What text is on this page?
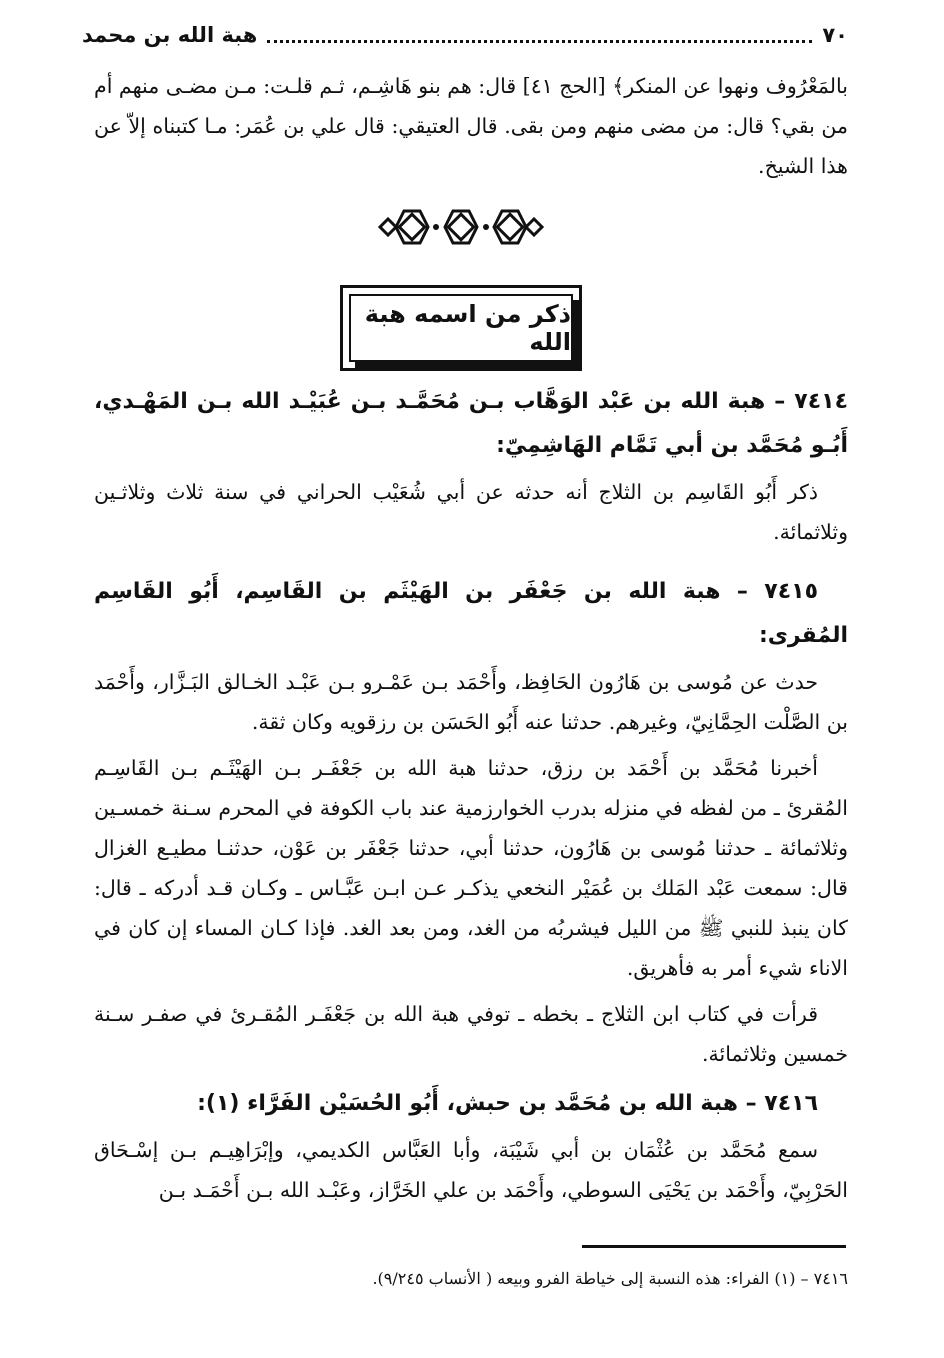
٧٠
هبة الله بن محمد

بالمَعْرُوف ونهوا عن المنكر﴾ [الحج ٤١] قال: هم بنو هَاشِـم، ثـم قلـت: مـن مضـى منهم أم من بقي؟ قال: من مضى منهم ومن بقى. قال العتيقي: قال علي بن عُمَر: مـا كتبناه إلاّ عن هذا الشيخ.

ذكر من اسمه هبة الله

٧٤١٤ – هبة الله بن عَبْد الوَهَّاب بـن مُحَمَّـد بـن عُبَيْـد الله بـن المَهْـدي، أَبُـو مُحَمَّد بن أبي تَمَّام الهَاشِمِيّ:

ذكر أَبُو القَاسِم بن الثلاج أنه حدثه عن أبي شُعَيْب الحراني في سنة ثلاث وثلاثـين وثلاثمائة.

٧٤١٥ – هبة الله بن جَعْفَر بن الهَيْثَم بن القَاسِم، أَبُو القَاسِم المُقرى:

حدث عن مُوسى بن هَارُون الحَافِظ، وأَحْمَد بـن عَمْـرو بـن عَبْـد الخـالق البَـزَّار، وأَحْمَد بن الصَّلْت الحِمَّانِيّ، وغيرهم. حدثنا عنه أَبُو الحَسَن بن رزقويه وكان ثقة.

أخبرنا مُحَمَّد بن أَحْمَد بن رزق، حدثنا هبة الله بن جَعْفَـر بـن الهَيْثَـم بـن القَاسِـم المُقرئ ـ من لفظه في منزله بدرب الخوارزمية عند باب الكوفة في المحرم سـنة خمسـين وثلاثمائة ـ حدثنا مُوسى بن هَارُون، حدثنا أبي، حدثنا جَعْفَر بن عَوْن، حدثنـا مطيـع الغزال قال: سمعت عَبْد المَلك بن عُمَيْر النخعي يذكـر عـن ابـن عَبَّـاس ـ وكـان قـد أدركه ـ قال: كان ينبذ للنبي ﷺ من الليل فيشربُه من الغد، ومن بعد الغد. فإذا كـان المساء إن كان في الاناء شيء أمر به فأهريق.

قرأت في كتاب ابن الثلاج ـ بخطه ـ توفي هبة الله بن جَعْفَـر المُقـرئ في صفـر سـنة خمسين وثلاثمائة.

٧٤١٦ – هبة الله بن مُحَمَّد بن حبش، أَبُو الحُسَيْن الفَرَّاء (١):

سمع مُحَمَّد بن عُثْمَان بن أبي شَيْبَة، وأبا العَبَّاس الكديمي، وإبْرَاهِيـم بـن إسْـحَاق الحَرْبِيّ، وأَحْمَد بن يَحْيَى السوطي، وأَحْمَد بن علي الخَرَّاز، وعَبْـد الله بـن أَحْمَـد بـن

٧٤١٦ – (١) الفراء: هذه النسبة إلى خياطة الفرو وبيعه ( الأنساب ٩/٢٤٥).
